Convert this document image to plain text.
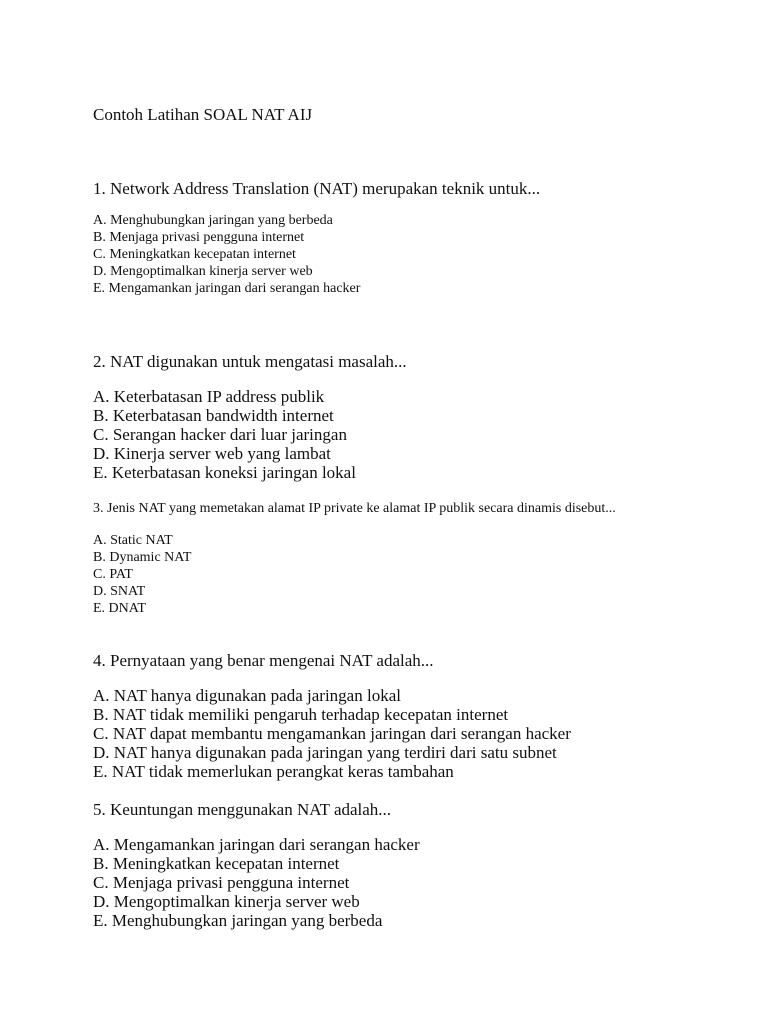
Contoh Latihan SOAL NAT AIJ

1. Network Address Translation (NAT) merupakan teknik untuk...

A. Menghubungkan jaringan yang berbeda
B. Menjaga privasi pengguna internet
C. Meningkatkan kecepatan internet
D. Mengoptimalkan kinerja server web
E. Mengamankan jaringan dari serangan hacker

2. NAT digunakan untuk mengatasi masalah...

A. Keterbatasan IP address publik
B. Keterbatasan bandwidth internet
C. Serangan hacker dari luar jaringan
D. Kinerja server web yang lambat
E. Keterbatasan koneksi jaringan lokal

3. Jenis NAT yang memetakan alamat IP private ke alamat IP publik secara dinamis disebut...

A. Static NAT
B. Dynamic NAT
C. PAT
D. SNAT
E. DNAT

4. Pernyataan yang benar mengenai NAT adalah...

A. NAT hanya digunakan pada jaringan lokal
B. NAT tidak memiliki pengaruh terhadap kecepatan internet
C. NAT dapat membantu mengamankan jaringan dari serangan hacker
D. NAT hanya digunakan pada jaringan yang terdiri dari satu subnet
E. NAT tidak memerlukan perangkat keras tambahan

5. Keuntungan menggunakan NAT adalah...

A. Mengamankan jaringan dari serangan hacker
B. Meningkatkan kecepatan internet
C. Menjaga privasi pengguna internet
D. Mengoptimalkan kinerja server web
E. Menghubungkan jaringan yang berbeda
